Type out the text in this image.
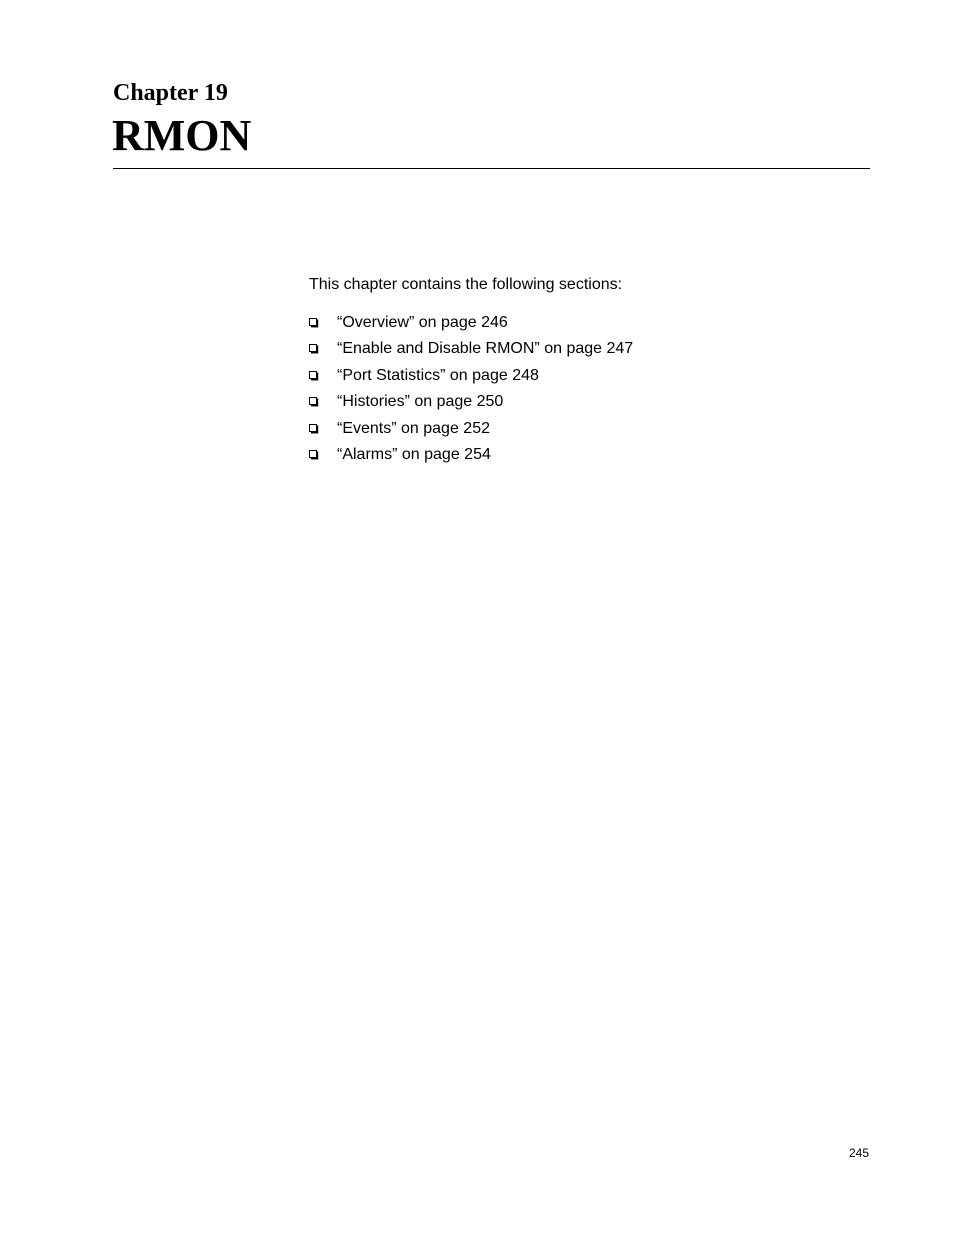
Chapter 19
RMON

This chapter contains the following sections:

“Overview” on page 246
“Enable and Disable RMON” on page 247
“Port Statistics” on page 248
“Histories” on page 250
“Events” on page 252
“Alarms” on page 254

245
